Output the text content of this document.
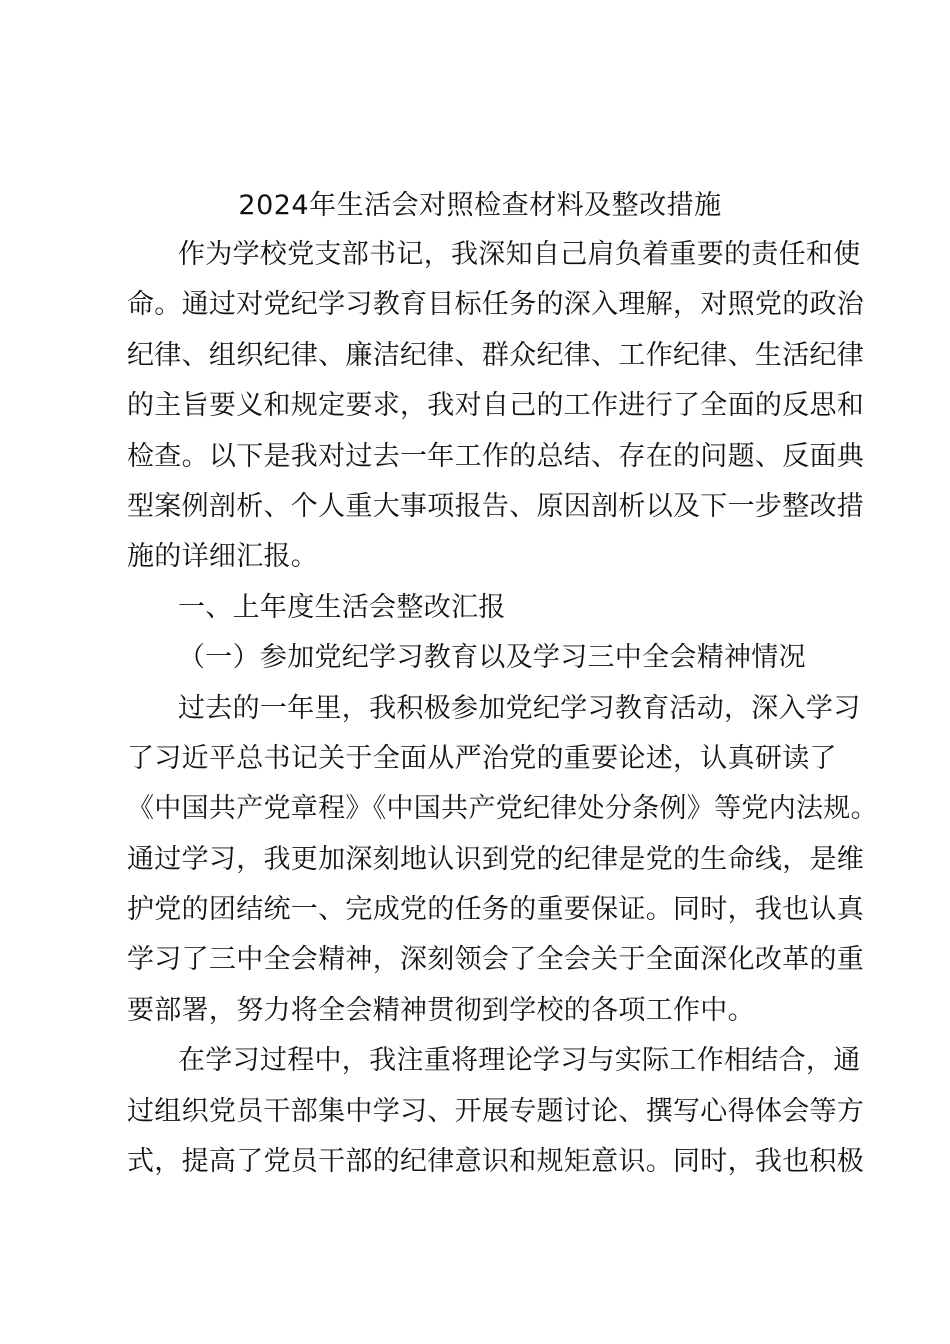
2024年生活会对照检查材料及整改措施
作为学校党支部书记，我深知自己肩负着重要的责任和使
命。通过对党纪学习教育目标任务的深入理解，对照党的政治
纪律、组织纪律、廉洁纪律、群众纪律、工作纪律、生活纪律
的主旨要义和规定要求，我对自己的工作进行了全面的反思和
检查。以下是我对过去一年工作的总结、存在的问题、反面典
型案例剖析、个人重大事项报告、原因剖析以及下一步整改措
施的详细汇报。
一、上年度生活会整改汇报
（一）参加党纪学习教育以及学习三中全会精神情况
过去的一年里，我积极参加党纪学习教育活动，深入学习
了习近平总书记关于全面从严治党的重要论述，认真研读了
《中国共产党章程》《中国共产党纪律处分条例》等党内法规。
通过学习，我更加深刻地认识到党的纪律是党的生命线，是维
护党的团结统一、完成党的任务的重要保证。同时，我也认真
学习了三中全会精神，深刻领会了全会关于全面深化改革的重
要部署，努力将全会精神贯彻到学校的各项工作中。
在学习过程中，我注重将理论学习与实际工作相结合，通
过组织党员干部集中学习、开展专题讨论、撰写心得体会等方
式，提高了党员干部的纪律意识和规矩意识。同时，我也积极
